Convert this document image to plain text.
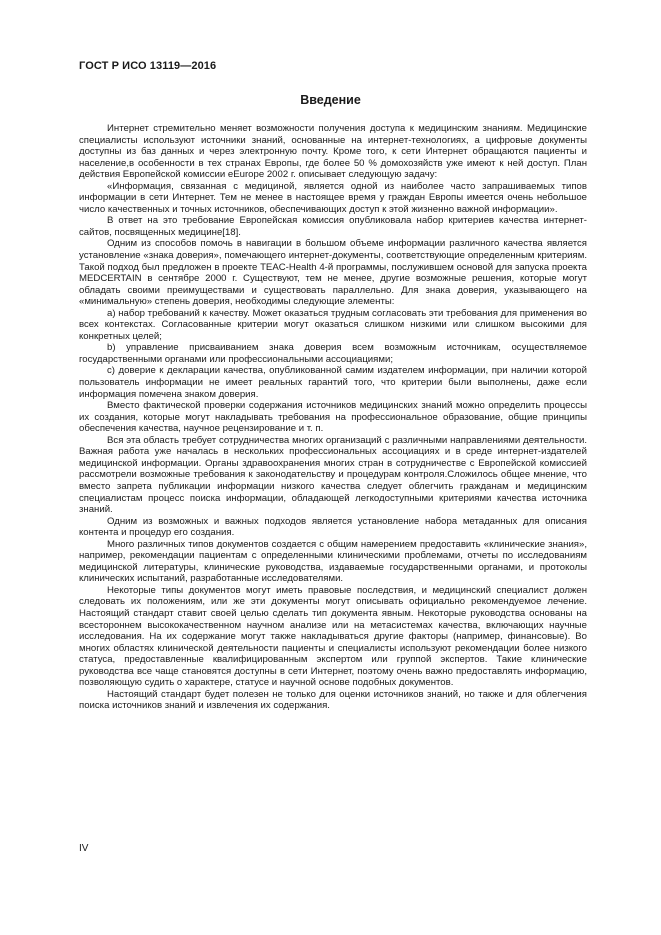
ГОСТ Р ИСО 13119—2016
Введение

Интернет стремительно меняет возможности получения доступа к медицинским знаниям. Медицинские специалисты используют источники знаний, основанные на интернет-технологиях, а цифровые документы доступны из баз данных и через электронную почту. Кроме того, к сети Интернет обращаются пациенты и население,в особенности в тех странах Европы, где более 50 % домохозяйств уже имеют к ней доступ. План действия Европейской комиссии eEurope 2002 г. описывает следующую задачу:

«Информация, связанная с медициной, является одной из наиболее часто запрашиваемых типов информации в сети Интернет. Тем не менее в настоящее время у граждан Европы имеется очень небольшое число качественных и точных источников, обеспечивающих доступ к этой жизненно важной информации».

В ответ на это требование Европейская комиссия опубликовала набор критериев качества интернет-сайтов, посвященных медицине[18].

Одним из способов помочь в навигации в большом объеме информации различного качества является установление «знака доверия», помечающего интернет-документы, соответствующие определенным критериям. Такой подход был предложен в проекте TEAC-Health 4-й программы, послужившем основой для запуска проекта MEDCERTAIN в сентябре 2000 г. Существуют, тем не менее, другие возможные решения, которые могут обладать своими преимуществами и существовать параллельно. Для знака доверия, указывающего на «минимальную» степень доверия, необходимы следующие элементы:

а) набор требований к качеству. Может оказаться трудным согласовать эти требования для применения во всех контекстах. Согласованные критерии могут оказаться слишком низкими или слишком высокими для конкретных целей;

b) управление присваиванием знака доверия всем возможным источникам, осуществляемое государственными органами или профессиональными ассоциациями;

с) доверие к декларации качества, опубликованной самим издателем информации, при наличии которой пользователь информации не имеет реальных гарантий того, что критерии были выполнены, даже если информация помечена знаком доверия.

Вместо фактической проверки содержания источников медицинских знаний можно определить процессы их создания, которые могут накладывать требования на профессиональное образование, общие принципы обеспечения качества, научное рецензирование и т. п.

Вся эта область требует сотрудничества многих организаций с различными направлениями деятельности. Важная работа уже началась в нескольких профессиональных ассоциациях и в среде интернет-издателей медицинской информации. Органы здравоохранения многих стран в сотрудничестве с Европейской комиссией рассмотрели возможные требования к законодательству и процедурам контроля.Сложилось общее мнение, что вместо запрета публикации информации низкого качества следует облегчить гражданам и медицинским специалистам процесс поиска информации, обладающей легкодоступными критериями качества источника знаний.

Одним из возможных и важных подходов является установление набора метаданных для описания контента и процедур его создания.

Много различных типов документов создается с общим намерением предоставить «клинические знания», например, рекомендации пациентам с определенными клиническими проблемами, отчеты по исследованиям медицинской литературы, клинические руководства, издаваемые государственными органами, и протоколы клинических испытаний, разработанные исследователями.

Некоторые типы документов могут иметь правовые последствия, и медицинский специалист должен следовать их положениям, или же эти документы могут описывать официально рекомендуемое лечение. Настоящий стандарт ставит своей целью сделать тип документа явным. Некоторые руководства основаны на всестороннем высококачественном научном анализе или на метасистемах качества, включающих научные исследования. На их содержание могут также накладываться другие факторы (например, финансовые). Во многих областях клинической деятельности пациенты и специалисты используют рекомендации более низкого статуса, предоставленные квалифицированным экспертом или группой экспертов. Такие клинические руководства все чаще становятся доступны в сети Интернет, поэтому очень важно предоставлять информацию, позволяющую судить о характере, статусе и научной основе подобных документов.

Настоящий стандарт будет полезен не только для оценки источников знаний, но также и для облегчения поиска источников знаний и извлечения их содержания.

IV
